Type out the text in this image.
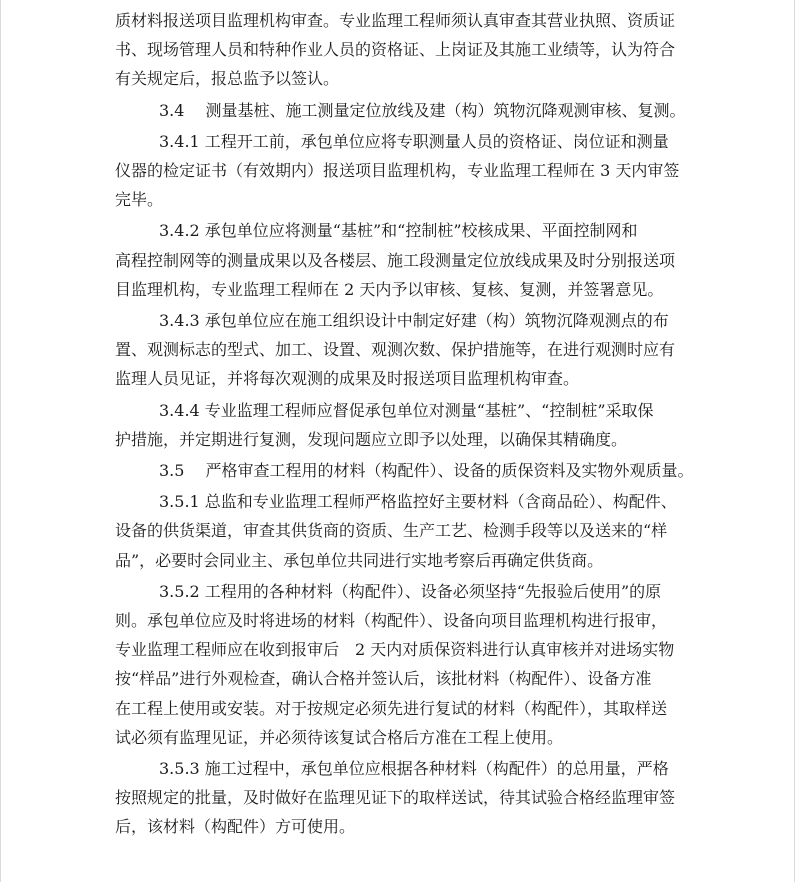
质材料报送项目监理机构审查。专业监理工程师须认真审查其营业执照、资质证
书、现场管理人员和特种作业人员的资格证、上岗证及其施工业绩等，认为符合
有关规定后，报总监予以签认。

3.4　 测量基桩、施工测量定位放线及建（构）筑物沉降观测审核、复测。

3.4.1 工程开工前，承包单位应将专职测量人员的资格证、岗位证和测量
仪器的检定证书（有效期内）报送项目监理机构，专业监理工程师在 3 天内审签
完毕。

3.4.2 承包单位应将测量“基桩”和“控制桩”校核成果、平面控制网和
高程控制网等的测量成果以及各楼层、施工段测量定位放线成果及时分别报送项
目监理机构，专业监理工程师在 2 天内予以审核、复核、复测，并签署意见。

3.4.3 承包单位应在施工组织设计中制定好建（构）筑物沉降观测点的布
置、观测标志的型式、加工、设置、观测次数、保护措施等，在进行观测时应有
监理人员见证，并将每次观测的成果及时报送项目监理机构审查。

3.4.4 专业监理工程师应督促承包单位对测量“基桩”、“控制桩”采取保
护措施，并定期进行复测，发现问题应立即予以处理，以确保其精确度。

3.5　 严格审查工程用的材料（构配件）、设备的质保资料及实物外观质量。

3.5.1 总监和专业监理工程师严格监控好主要材料（含商品砼）、构配件、
设备的供货渠道，审查其供货商的资质、生产工艺、检测手段等以及送来的“样
品”，必要时会同业主、承包单位共同进行实地考察后再确定供货商。

3.5.2 工程用的各种材料（构配件）、设备必须坚持“先报验后使用”的原
则。承包单位应及时将进场的材料（构配件）、设备向项目监理机构进行报审，
专业监理工程师应在收到报审后　2 天内对质保资料进行认真审核并对进场实物
按“样品”进行外观检查，确认合格并签认后，该批材料（构配件）、设备方准
在工程上使用或安装。对于按规定必须先进行复试的材料（构配件），其取样送
试必须有监理见证，并必须待该复试合格后方准在工程上使用。

3.5.3 施工过程中，承包单位应根据各种材料（构配件）的总用量，严格
按照规定的批量，及时做好在监理见证下的取样送试，待其试验合格经监理审签
后，该材料（构配件）方可使用。
